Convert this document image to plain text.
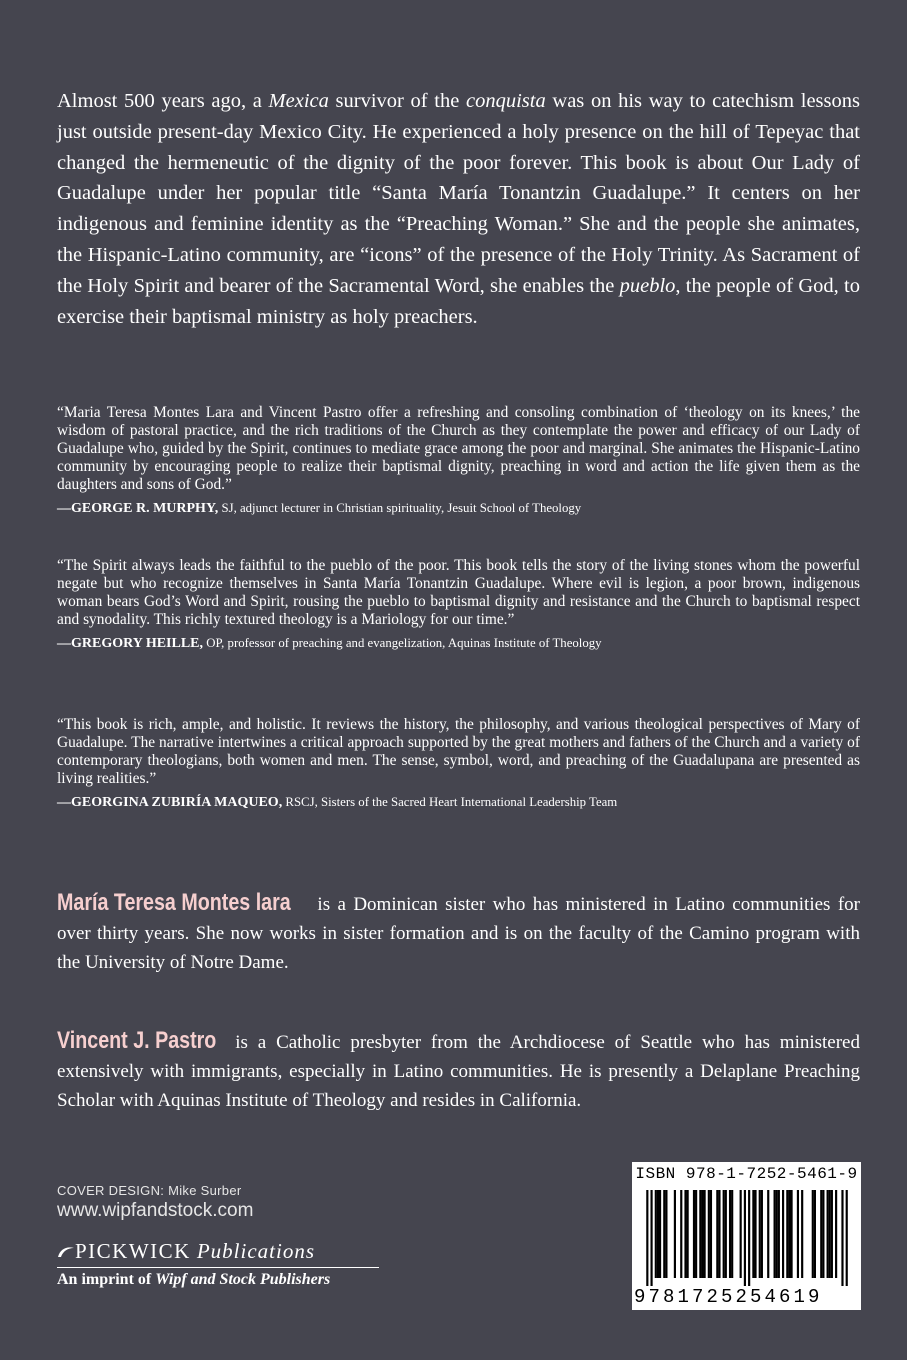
Almost 500 years ago, a Mexica survivor of the conquista was on his way to catechism lessons just outside present-day Mexico City. He experienced a holy presence on the hill of Tepeyac that changed the hermeneutic of the dignity of the poor forever. This book is about Our Lady of Guadalupe under her popular title “Santa María Tonantzin Guadalupe.” It centers on her indigenous and feminine identity as the “Preaching Woman.” She and the people she animates, the Hispanic-Latino community, are “icons” of the presence of the Holy Trinity. As Sacrament of the Holy Spirit and bearer of the Sacramental Word, she enables the pueblo, the people of God, to exercise their baptismal ministry as holy preachers.
“Maria Teresa Montes Lara and Vincent Pastro offer a refreshing and consoling combination of ‘theology on its knees,’ the wisdom of pastoral practice, and the rich traditions of the Church as they contemplate the power and efficacy of our Lady of Guadalupe who, guided by the Spirit, continues to mediate grace among the poor and marginal. She animates the Hispanic-Latino community by encouraging people to realize their baptismal dignity, preaching in word and action the life given them as the daughters and sons of God.”
—GEORGE R. MURPHY, SJ, adjunct lecturer in Christian spirituality, Jesuit School of Theology
“The Spirit always leads the faithful to the pueblo of the poor. This book tells the story of the living stones whom the powerful negate but who recognize themselves in Santa María Tonantzin Guadalupe. Where evil is legion, a poor brown, indigenous woman bears God’s Word and Spirit, rousing the pueblo to baptismal dignity and resistance and the Church to baptismal respect and synodality. This richly textured theology is a Mariology for our time.”
—GREGORY HEILLE, OP, professor of preaching and evangelization, Aquinas Institute of Theology
“This book is rich, ample, and holistic. It reviews the history, the philosophy, and various theological perspectives of Mary of Guadalupe. The narrative intertwines a critical approach supported by the great mothers and fathers of the Church and a variety of contemporary theologians, both women and men. The sense, symbol, word, and preaching of the Guadalupana are presented as living realities.”
—GEORGINA ZUBIRÍA MAQUEO, RSCJ, Sisters of the Sacred Heart International Leadership Team
María Teresa Montes lara is a Dominican sister who has ministered in Latino communities for over thirty years. She now works in sister formation and is on the faculty of the Camino program with the University of Notre Dame.
Vincent J. Pastro is a Catholic presbyter from the Archdiocese of Seattle who has ministered extensively with immigrants, especially in Latino communities. He is presently a Delaplane Preaching Scholar with Aquinas Institute of Theology and resides in California.
COVER DESIGN: Mike Surber
www.wipfandstock.com
PICKWICK Publications
An imprint of Wipf and Stock Publishers
ISBN 978-1-7252-5461-9
9781725254619
